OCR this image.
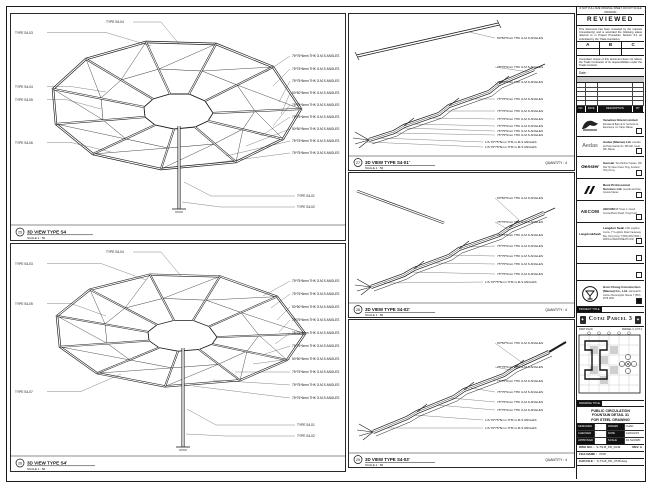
TYPE S4-04
TYPE S4-03
TYPE S4-04
TYPE S4-05
TYPE S4-06
75*75*6mm THK G.M.S ANGLES
75*75*6mm THK G.M.S ANGLES
75*75*6mm THK G.M.S ANGLES
50*50*5mm THK G.M.S ANGLES
75*75*6mm THK G.M.S ANGLES
75*75*6mm THK G.M.S ANGLES
50*50*5mm THK G.M.S ANGLES
75*75*6mm THK G.M.S ANGLES
75*75*6mm THK G.M.S ANGLES
TYPE S4-01
TYPE S4-02
25 3D VIEW TYPE S4
SCALE 1 : 50
TYPE S4-04
TYPE S4-03
TYPE S4-05
TYPE S4-07
75*75*6mm THK G.M.S ANGLES
75*75*6mm THK G.M.S ANGLES
50*50*5mm THK G.M.S ANGLES
75*75*6mm THK G.M.S ANGLES
75*75*6mm THK G.M.S ANGLES
75*75*6mm THK G.M.S ANGLES
50*50*5mm THK G.M.S ANGLES
75*75*6mm THK G.M.S ANGLES
75*75*6mm THK G.M.S ANGLES
75*75*6mm THK G.M.S ANGLES
TYPE S4-01
TYPE S4-02
26 3D VIEW TYPE S4'
SCALE 1 : 50
50*50*5mm THK G.M.S ANGLES
75*75*6mm THK G.M.S ANGLES
75*75*6mm THK G.M.S ANGLES
75*75*6mm THK G.M.S ANGLES
75*75*6mm THK G.M.S ANGLES
75*75*6mm THK G.M.S ANGLES
75*75*6mm THK G.M.S ANGLES
75*75*6mm THK G.M.S ANGLES
75*75*6mm THK G.M.S ANGLES
L/S 75*75*6mm THK G.M.S ANGLES
L/S 75*75*6mm THK G.M.S ANGLES
27 3D VIEW TYPE S4-01'
SCALE 1 : 50
QUANTITY : 4
50*50*5mm THK G.M.S ANGLES
75*75*6mm THK G.M.S ANGLES
75*75*6mm THK G.M.S ANGLES
75*75*6mm THK G.M.S ANGLES
75*75*6mm THK G.M.S ANGLES
75*75*6mm THK G.M.S ANGLES
75*75*6mm THK G.M.S ANGLES
L/S 75*75*6mm THK G.M.S ANGLES
28 3D VIEW TYPE S4-02'
SCALE 1 : 50
QUANTITY : 4
50*50*5mm THK G.M.S ANGLES
75*75*6mm THK G.M.S ANGLES
75*75*6mm THK G.M.S ANGLES
75*75*6mm THK G.M.S ANGLES
75*75*6mm THK G.M.S ANGLES
75*75*6mm THK G.M.S ANGLES
L/S 75*75*6mm THK G.M.S ANGLES
L/S 75*75*6mm THK G.M.S ANGLES
29 3D VIEW TYPE S4-03'
SCALE 1 : 50
QUANTITY : 4
IF NOT FULL SIZE ORIGINAL SHEET, DO NOT SCALE DRAWING
REVIEWED
This document has been reviewed by the relevant Consultant(s) and is accorded the following status referred to in Project Procedure Section 5.4 as submitted by the Trade Contractor.
A	B	C
Consultant review of this document does not relieve the Trade Contractor of its responsibilities under the Trade Contract.
Date :
NO.	DATE	DESCRIPTION	BY
Venetian Orient Limited Estrada da Baía de N. Senhora da Esperança, s/n Taipa, Macau
Aedas
Aedas (Macau) Ltd. Avenida da Praia Grande No. 665 Edf. Great Will, Macau
Gensler
Gensler Two Harbour Square, 180 Wai Yip Street Kwun Tong, Kowloon, Hong Kong
Beca Professional Services Ltd. Avenida da Praia Grande Macau
AECOM	AECOM 8/F Tower 2, Grand Central Plaza Shatin, Hong Kong
Langdon&Seah
Langdon Seah 2101 Leighton Centre, 77 Leighton Road Causeway Bay, Hong Kong T (852) 2830 3500 | WWW.LANGDONSEAH.COM
Hsin Chong Construction (Macau) Co., Ltd. Alameda Dr. Carlos d'Assumpção, Macau T (853) 2878 1830
PROJECT TITLE
✦ Cotai Parcel 3 ✦
PART PLAN	PARCEL 3, LOT 2
DRAWING TITLE
PUBLIC CIRCULATION
FOUNTAIN DETAIL 31
FOR STEEL DRAWING
DESIGNED	-	DRAWN	CHAD
CHECKED	-	DATE	14/AUG/15
APPROVED	-	SCALE	AS SHOWN
DWG NO. : S-TS-B_PD_0049	REV. A
FILE NAME : 3728
CAD FILE : S-TS-B_PD_3728.dwg
